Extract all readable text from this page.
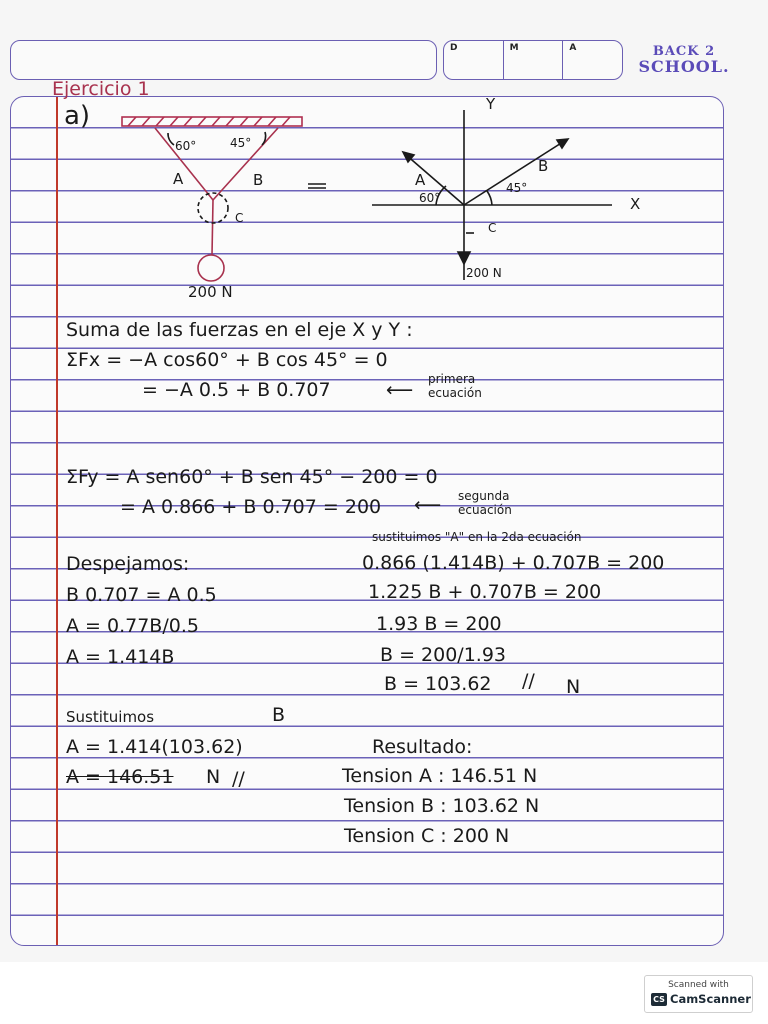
D	M	A	BACK 2
SCHOOL.
Ejercicio 1
a)
60°	45°
A	B
C
200 N
Y
X
A
B
C
60°
45°
200 N
Suma de las fuerzas en el eje X y Y :
ΣFx = −A cos60° + B cos 45° = 0
= −A 0.5 + B 0.707	⟵ primera
ecuación
ΣFy = A sen60° + B sen 45° − 200 = 0
= A 0.866 + B 0.707 = 200 ⟵ segunda
ecuación
sustituimos "A" en la 2da ecuación
0.866 (1.414B) + 0.707B = 200
1.225 B + 0.707B = 200
1.93 B = 200
B = 200/1.93
B = 103.62 // N
Despejamos:
B 0.707 = A 0.5
A = 0.77B/0.5
A = 1.414B
Sustituimos	B
A = 1.414(103.62)
A = 146.51 N //
Resultado:
Tension A : 146.51 N
Tension B : 103.62 N
Tension C : 200 N
Scanned with
CS CamScanner
